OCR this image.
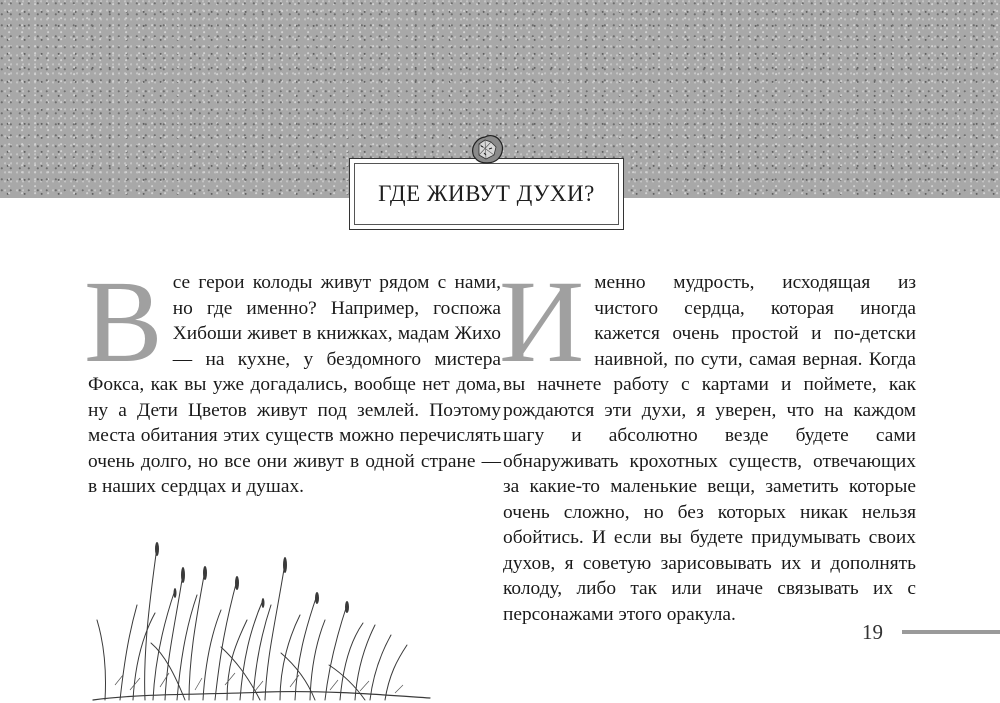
ГДЕ ЖИВУТ ДУХИ?
В се герои колоды живут рядом с нами, но где именно? Например, госпожа Хибоши живет в книжках, мадам Жихо — на кухне, у бездомного мистера Фокса, как вы уже догадались, вообще нет дома, ну а Дети Цветов живут под землей. Поэтому места обитания этих существ можно перечислять очень долго, но все они живут в одной стране — в наших сердцах и душах.
И менно мудрость, исходящая из чистого сердца, которая иногда кажется очень простой и по-детски наивной, по сути, самая верная. Когда вы начнете работу с картами и поймете, как рождаются эти духи, я уверен, что на каждом шагу и абсолютно везде будете сами обнаруживать крохотных существ, отвечающих за какие-то маленькие вещи, заметить которые очень сложно, но без которых никак нельзя обойтись. И если вы будете придумывать своих духов, я советую зарисовывать их и дополнять колоду, либо так или иначе связывать их с персонажами этого оракула.
19
